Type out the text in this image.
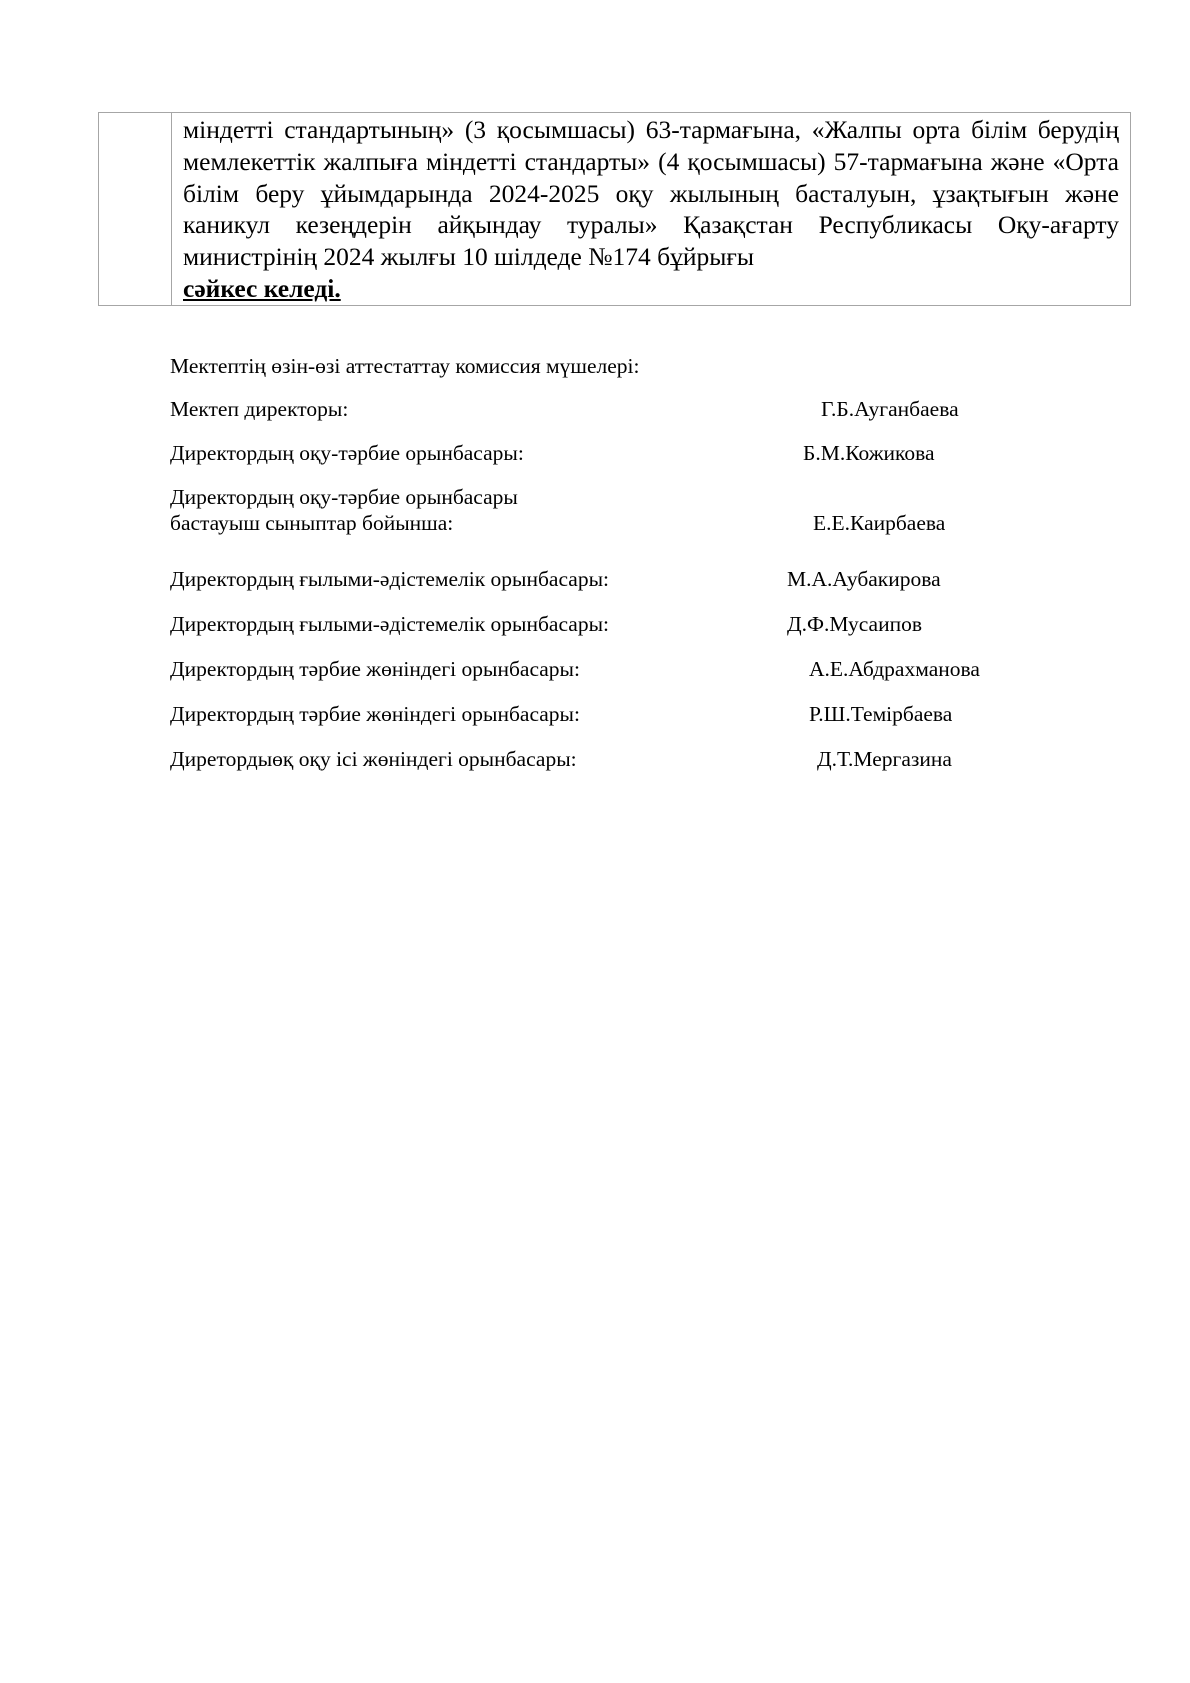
	міндетті стандартының» (3 қосымшасы) 63-тармағына, «Жалпы орта білім берудің мемлекеттік жалпыға міндетті стандарты» (4 қосымшасы) 57-тармағына және «Орта білім беру ұйымдарында 2024-2025 оқу жылының басталуын, ұзақтығын және каникул кезеңдерін айқындау туралы» Қазақстан Республикасы Оқу-ағарту министрінің 2024 жылғы 10 шілдеде №174 бұйрығы
сәйкес келеді.
Мектептің өзін-өзі аттестаттау комиссия мүшелері:
Мектеп директоры:	Г.Б.Ауганбаева
Директордың оқу-тәрбие орынбасары:	Б.М.Кожикова
Директордың оқу-тәрбие орынбасары
бастауыш сыныптар бойынша:	Е.Е.Каирбаева
Директордың ғылыми-әдістемелік орынбасары:	М.А.Аубакирова
Директордың ғылыми-әдістемелік орынбасары:	Д.Ф.Мусаипов
Директордың тәрбие жөніндегі орынбасары:	А.Е.Абдрахманова
Директордың тәрбие жөніндегі орынбасары:	Р.Ш.Темірбаева
Диретордыөқ оқу ісі жөніндегі орынбасары:	Д.Т.Мергазина
